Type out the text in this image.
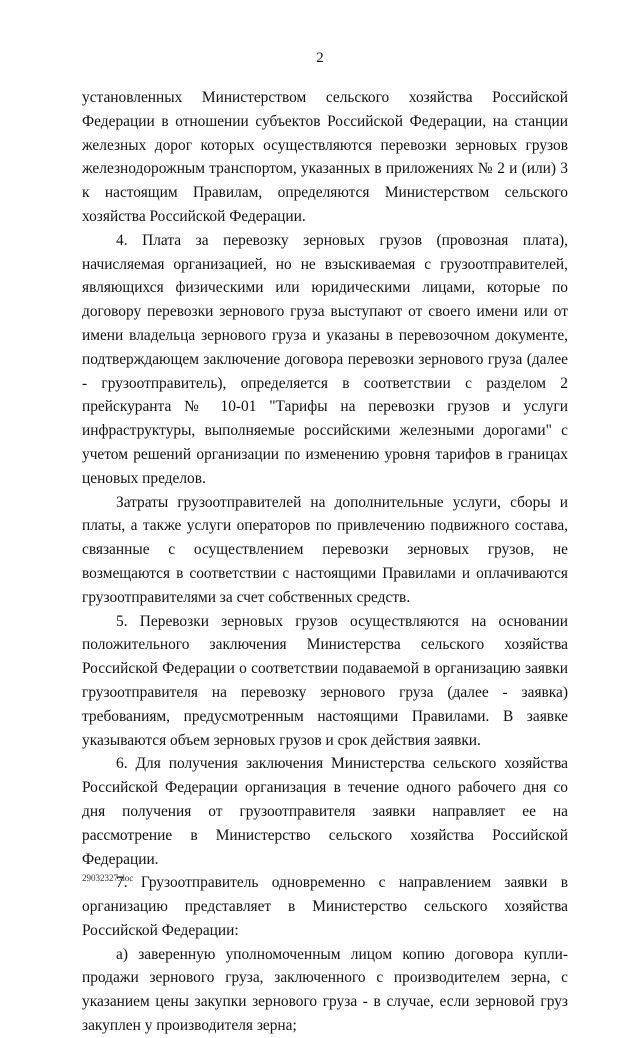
2

установленных Министерством сельского хозяйства Российской Федерации в отношении субъектов Российской Федерации, на станции железных дорог которых осуществляются перевозки зерновых грузов железнодорожным транспортом, указанных в приложениях № 2 и (или) 3 к настоящим Правилам, определяются Министерством сельского хозяйства Российской Федерации.

4. Плата за перевозку зерновых грузов (провозная плата), начисляемая организацией, но не взыскиваемая с грузоотправителей, являющихся физическими или юридическими лицами, которые по договору перевозки зернового груза выступают от своего имени или от имени владельца зернового груза и указаны в перевозочном документе, подтверждающем заключение договора перевозки зернового груза (далее - грузоотправитель), определяется в соответствии с разделом 2 прейскуранта № 10-01 "Тарифы на перевозки грузов и услуги инфраструктуры, выполняемые российскими железными дорогами" с учетом решений организации по изменению уровня тарифов в границах ценовых пределов.

Затраты грузоотправителей на дополнительные услуги, сборы и платы, а также услуги операторов по привлечению подвижного состава, связанные с осуществлением перевозки зерновых грузов, не возмещаются в соответствии с настоящими Правилами и оплачиваются грузоотправителями за счет собственных средств.

5. Перевозки зерновых грузов осуществляются на основании положительного заключения Министерства сельского хозяйства Российской Федерации о соответствии подаваемой в организацию заявки грузоотправителя на перевозку зернового груза (далее - заявка) требованиям, предусмотренным настоящими Правилами. В заявке указываются объем зерновых грузов и срок действия заявки.

6. Для получения заключения Министерства сельского хозяйства Российской Федерации организация в течение одного рабочего дня со дня получения от грузоотправителя заявки направляет ее на рассмотрение в Министерство сельского хозяйства Российской Федерации.

7. Грузоотправитель одновременно с направлением заявки в организацию представляет в Министерство сельского хозяйства Российской Федерации:

а) заверенную уполномоченным лицом копию договора купли-продажи зернового груза, заключенного с производителем зерна, с указанием цены закупки зернового груза - в случае, если зерновой груз закуплен у производителя зерна;

29032327.doc
